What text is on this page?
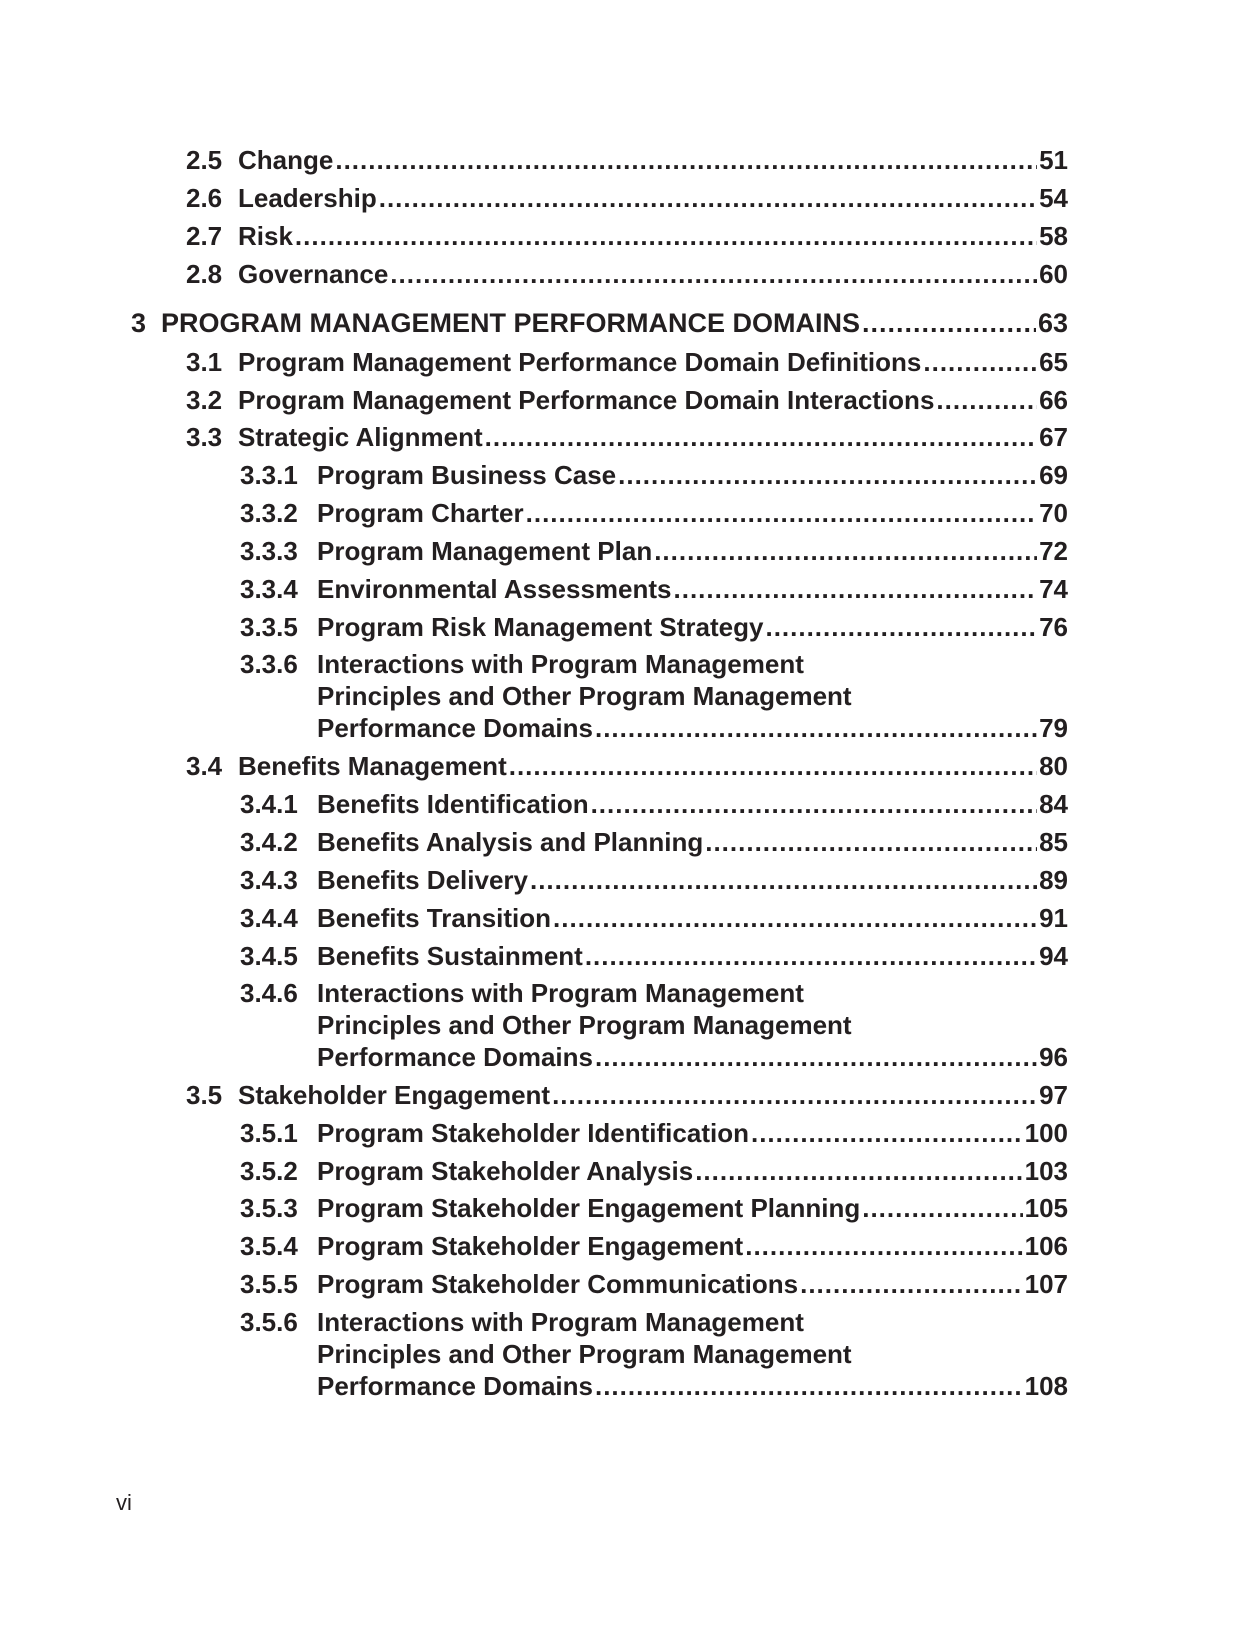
2.5 Change .....	51
2.6 Leadership .....	54
2.7 Risk .....	58
2.8 Governance .....	60
3 PROGRAM MANAGEMENT PERFORMANCE DOMAINS .....	63
3.1 Program Management Performance Domain Definitions .....	65
3.2 Program Management Performance Domain Interactions .....	66
3.3 Strategic Alignment .....	67
3.3.1 Program Business Case .....	69
3.3.2 Program Charter .....	70
3.3.3 Program Management Plan .....	72
3.3.4 Environmental Assessments .....	74
3.3.5 Program Risk Management Strategy .....	76
3.3.6 Interactions with Program Management
Principles and Other Program Management
Performance Domains .....	79
3.4 Benefits Management .....	80
3.4.1 Benefits Identification .....	84
3.4.2 Benefits Analysis and Planning .....	85
3.4.3 Benefits Delivery .....	89
3.4.4 Benefits Transition .....	91
3.4.5 Benefits Sustainment .....	94
3.4.6 Interactions with Program Management
Principles and Other Program Management
Performance Domains .....	96
3.5 Stakeholder Engagement .....	97
3.5.1 Program Stakeholder Identification .....	100
3.5.2 Program Stakeholder Analysis .....	103
3.5.3 Program Stakeholder Engagement Planning .....	105
3.5.4 Program Stakeholder Engagement .....	106
3.5.5 Program Stakeholder Communications .....	107
3.5.6 Interactions with Program Management
Principles and Other Program Management
Performance Domains .....	108
vi
